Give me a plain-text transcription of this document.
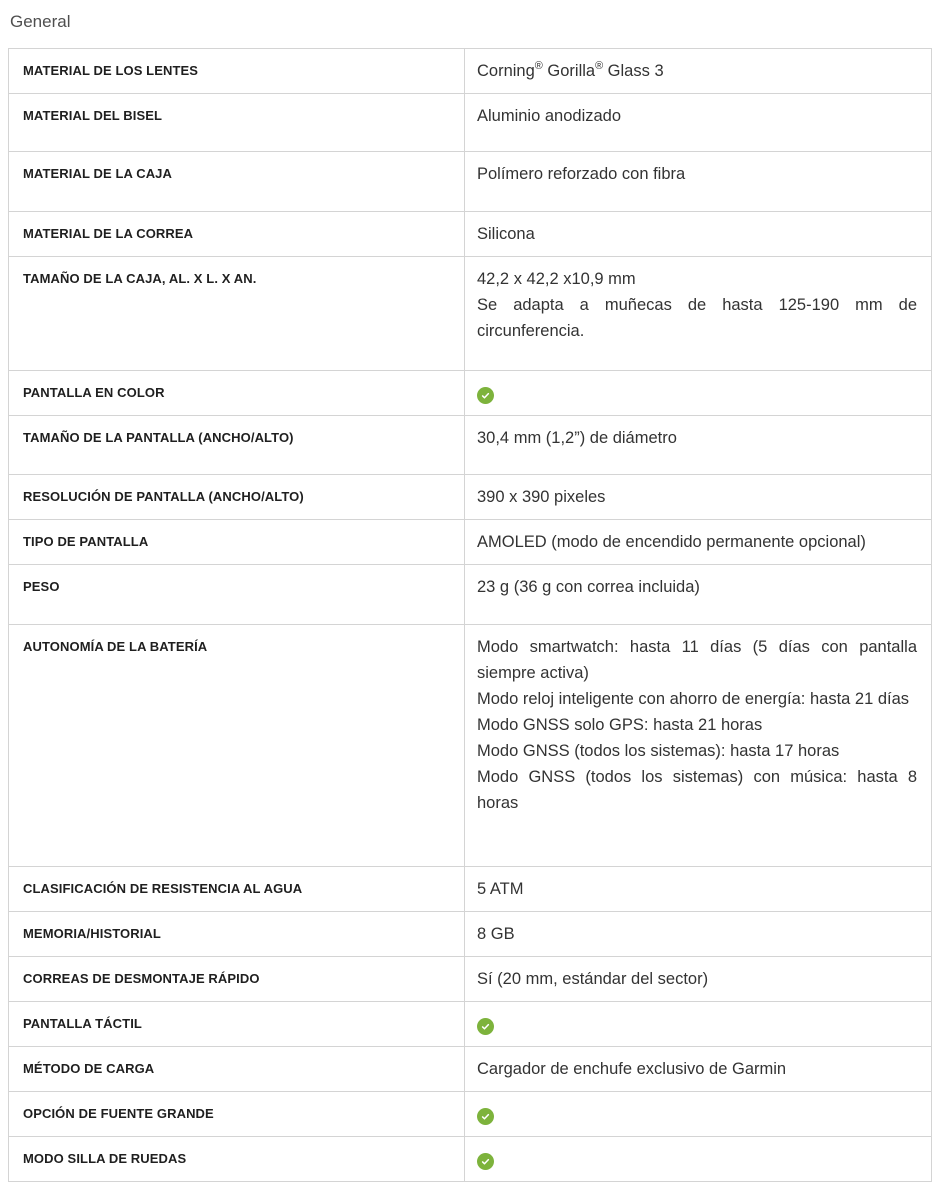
General
MATERIAL DE LOS LENTES	Corning® Gorilla® Glass 3
MATERIAL DEL BISEL	Aluminio anodizado
MATERIAL DE LA CAJA	Polímero reforzado con fibra
MATERIAL DE LA CORREA	Silicona
TAMAÑO DE LA CAJA, AL. X L. X AN.	42,2 x 42,2 x10,9 mm
Se adapta a muñecas de hasta 125-190 mm de circunferencia.
PANTALLA EN COLOR
TAMAÑO DE LA PANTALLA (ANCHO/ALTO)	30,4 mm (1,2”) de diámetro
RESOLUCIÓN DE PANTALLA (ANCHO/ALTO)	390 x 390 pixeles
TIPO DE PANTALLA	AMOLED (modo de encendido permanente opcional)
PESO	23 g (36 g con correa incluida)
AUTONOMÍA DE LA BATERÍA	Modo smartwatch: hasta 11 días (5 días con pantalla siempre activa)
Modo reloj inteligente con ahorro de energía: hasta 21 días
Modo GNSS solo GPS: hasta 21 horas
Modo GNSS (todos los sistemas): hasta 17 horas
Modo GNSS (todos los sistemas) con música: hasta 8 horas
CLASIFICACIÓN DE RESISTENCIA AL AGUA	5 ATM
MEMORIA/HISTORIAL	8 GB
CORREAS DE DESMONTAJE RÁPIDO	Sí (20 mm, estándar del sector)
PANTALLA TÁCTIL
MÉTODO DE CARGA	Cargador de enchufe exclusivo de Garmin
OPCIÓN DE FUENTE GRANDE
MODO SILLA DE RUEDAS
